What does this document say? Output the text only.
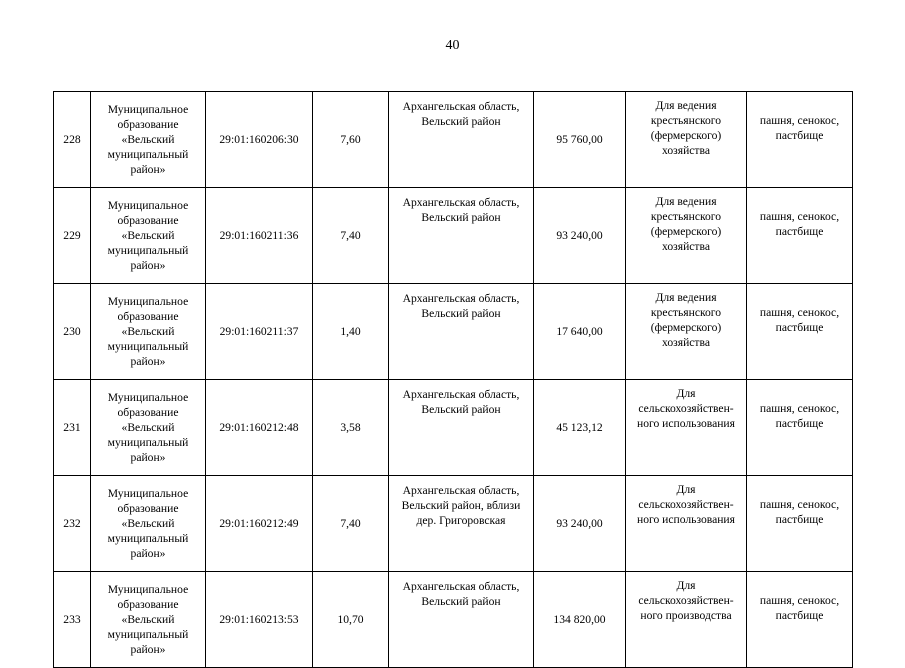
40
228	Муниципальное
образование
«Вельский
муниципальный
район»	29:01:160206:30	7,60	Архангельская область,
Вельский район	95 760,00	Для ведения
крестьянского
(фермерского)
хозяйства	пашня, сенокос,
пастбище

229	Муниципальное
образование
«Вельский
муниципальный
район»	29:01:160211:36	7,40	Архангельская область,
Вельский район	93 240,00	Для ведения
крестьянского
(фермерского)
хозяйства	пашня, сенокос,
пастбище

230	Муниципальное
образование
«Вельский
муниципальный
район»	29:01:160211:37	1,40	Архангельская область,
Вельский район	17 640,00	Для ведения
крестьянского
(фермерского)
хозяйства	пашня, сенокос,
пастбище

231	Муниципальное
образование
«Вельский
муниципальный
район»	29:01:160212:48	3,58	Архангельская область,
Вельский район	45 123,12	Для
сельскохозяйствен-
ного использования	пашня, сенокос,
пастбище

232	Муниципальное
образование
«Вельский
муниципальный
район»	29:01:160212:49	7,40	Архангельская область,
Вельский район, вблизи
дер. Григоровская	93 240,00	Для
сельскохозяйствен-
ного использования	пашня, сенокос,
пастбище

233	Муниципальное
образование
«Вельский
муниципальный
район»	29:01:160213:53	10,70	Архангельская область,
Вельский район	134 820,00	Для
сельскохозяйствен-
ного производства	пашня, сенокос,
пастбище
